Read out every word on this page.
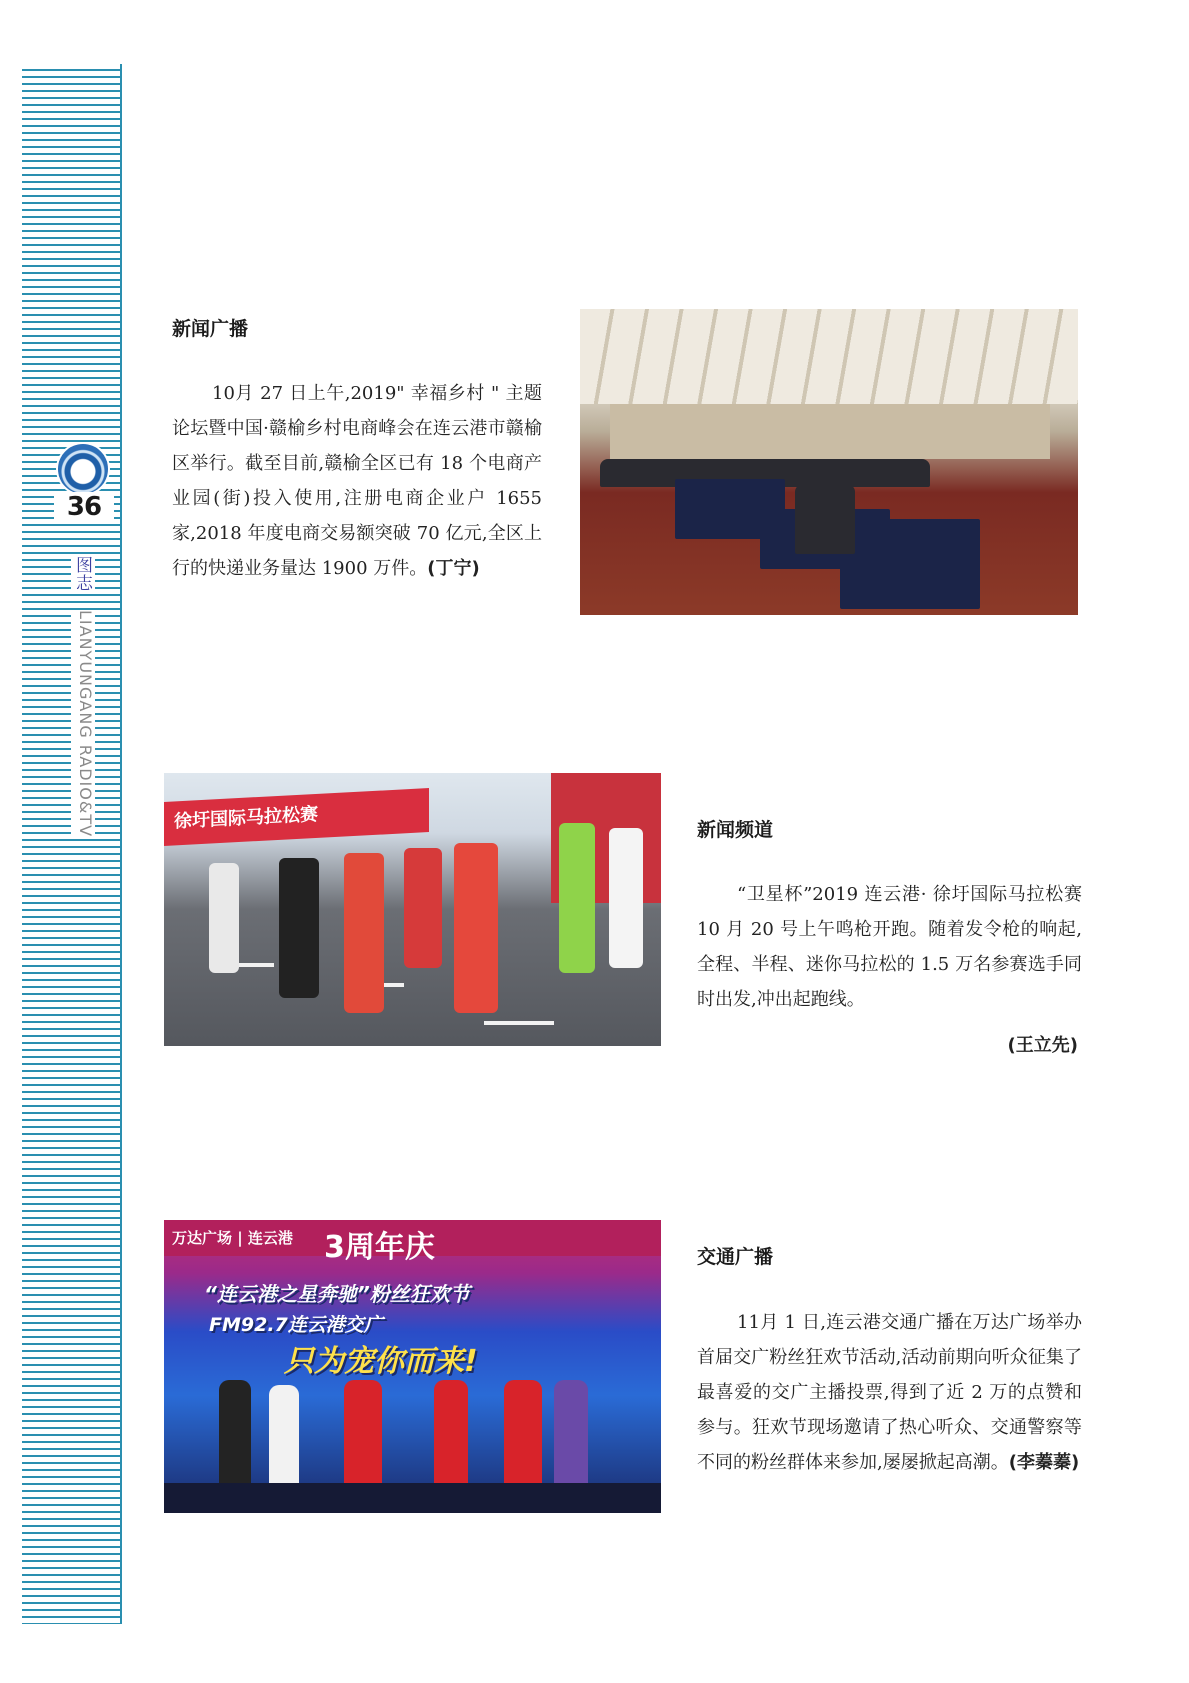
36
图志
LIANYUNGANG RADIO&TV
新闻广播
10月 27 日上午,2019" 幸福乡村 " 主题论坛暨中国·赣榆乡村电商峰会在连云港市赣榆区举行。截至目前,赣榆全区已有 18 个电商产业园(街)投入使用,注册电商企业户 1655 家,2018 年度电商交易额突破 70 亿元,全区上行的快递业务量达 1900 万件。(丁宁)
徐圩国际马拉松赛	新闻频道
“卫星杯”2019 连云港· 徐圩国际马拉松赛 10 月 20 号上午鸣枪开跑。随着发令枪的响起,全程、半程、迷你马拉松的 1.5 万名参赛选手同时出发,冲出起跑线。
(王立先)
万达广场 | 连云港 3周年庆
“连云港之星奔驰”粉丝狂欢节
FM92.7连云港交广
只为宠你而来!
交通广播
11月 1 日,连云港交通广播在万达广场举办首届交广粉丝狂欢节活动,活动前期向听众征集了最喜爱的交广主播投票,得到了近 2 万的点赞和参与。狂欢节现场邀请了热心听众、交通警察等不同的粉丝群体来参加,屡屡掀起高潮。(李蓁蓁)
